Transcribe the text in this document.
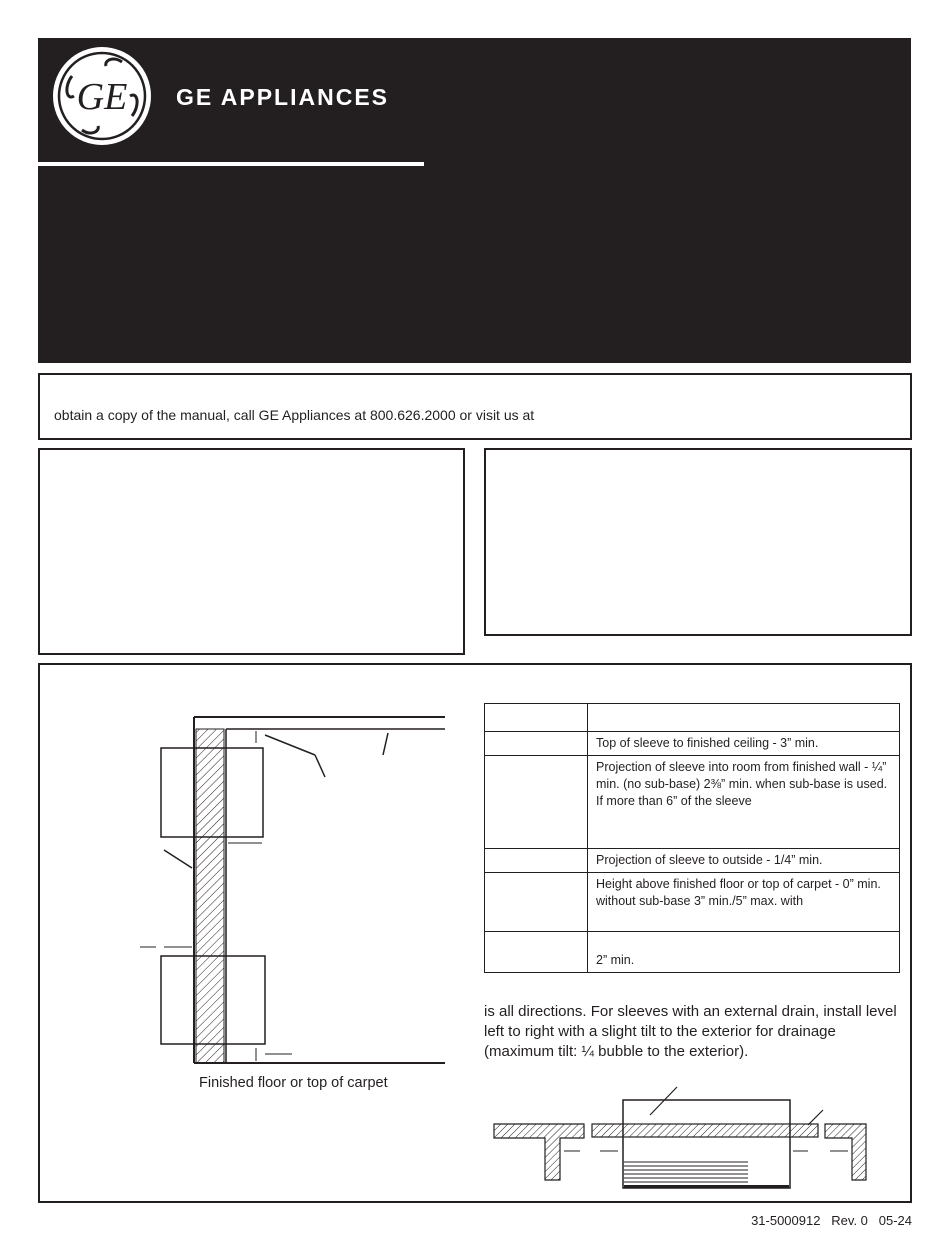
GE GE APPLIANCES
obtain a copy of the manual, call GE Appliances at 800.626.2000 or visit us at
Finished floor or top of carpet

	Top of sleeve to finished ceiling - 3” min.
	Projection of sleeve into room from finished wall - ¼” min. (no sub-base) 2⅜” min. when sub-base is used. If more than 6” of the sleeve
	Projection of sleeve to outside - 1/4” min.
	Height above finished floor or top of carpet - 0” min. without sub-base 3” min./5” max. with
	2” min.
is all directions. For sleeves with an external drain, install level left to right with a slight tilt to the exterior for drainage (maximum tilt: ¼ bubble to the exterior).
31-5000912   Rev. 0   05-24
